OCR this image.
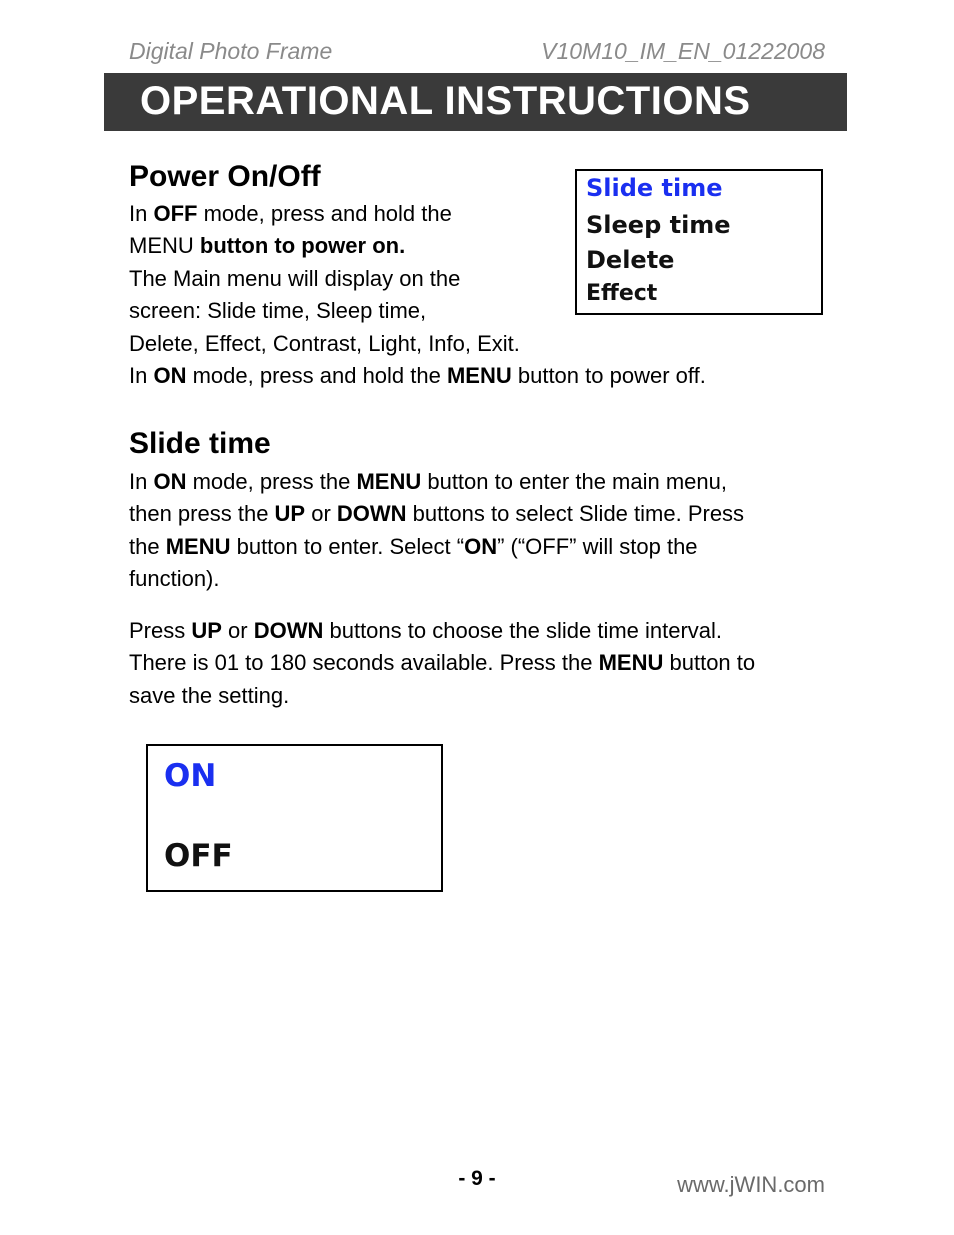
Digital Photo Frame	V10M10_IM_EN_01222008
OPERATIONAL INSTRUCTIONS
Power On/Off

In OFF mode, press and hold the
MENU button to power on.
The Main menu will display on the
screen: Slide time, Sleep time,
Delete, Effect, Contrast, Light, Info, Exit.
In ON mode, press and hold the MENU button to power off.

Slide time
Sleep time
Delete
Effect
Slide time

In ON mode, press the MENU button to enter the main menu,
then press the UP or DOWN buttons to select Slide time. Press
the MENU button to enter. Select “ON” (“OFF” will stop the
function).

Press UP or DOWN buttons to choose the slide time interval.
There is 01 to 180 seconds available. Press the MENU button to
save the setting.

ON
OFF
- 9 -	www.jWIN.com
